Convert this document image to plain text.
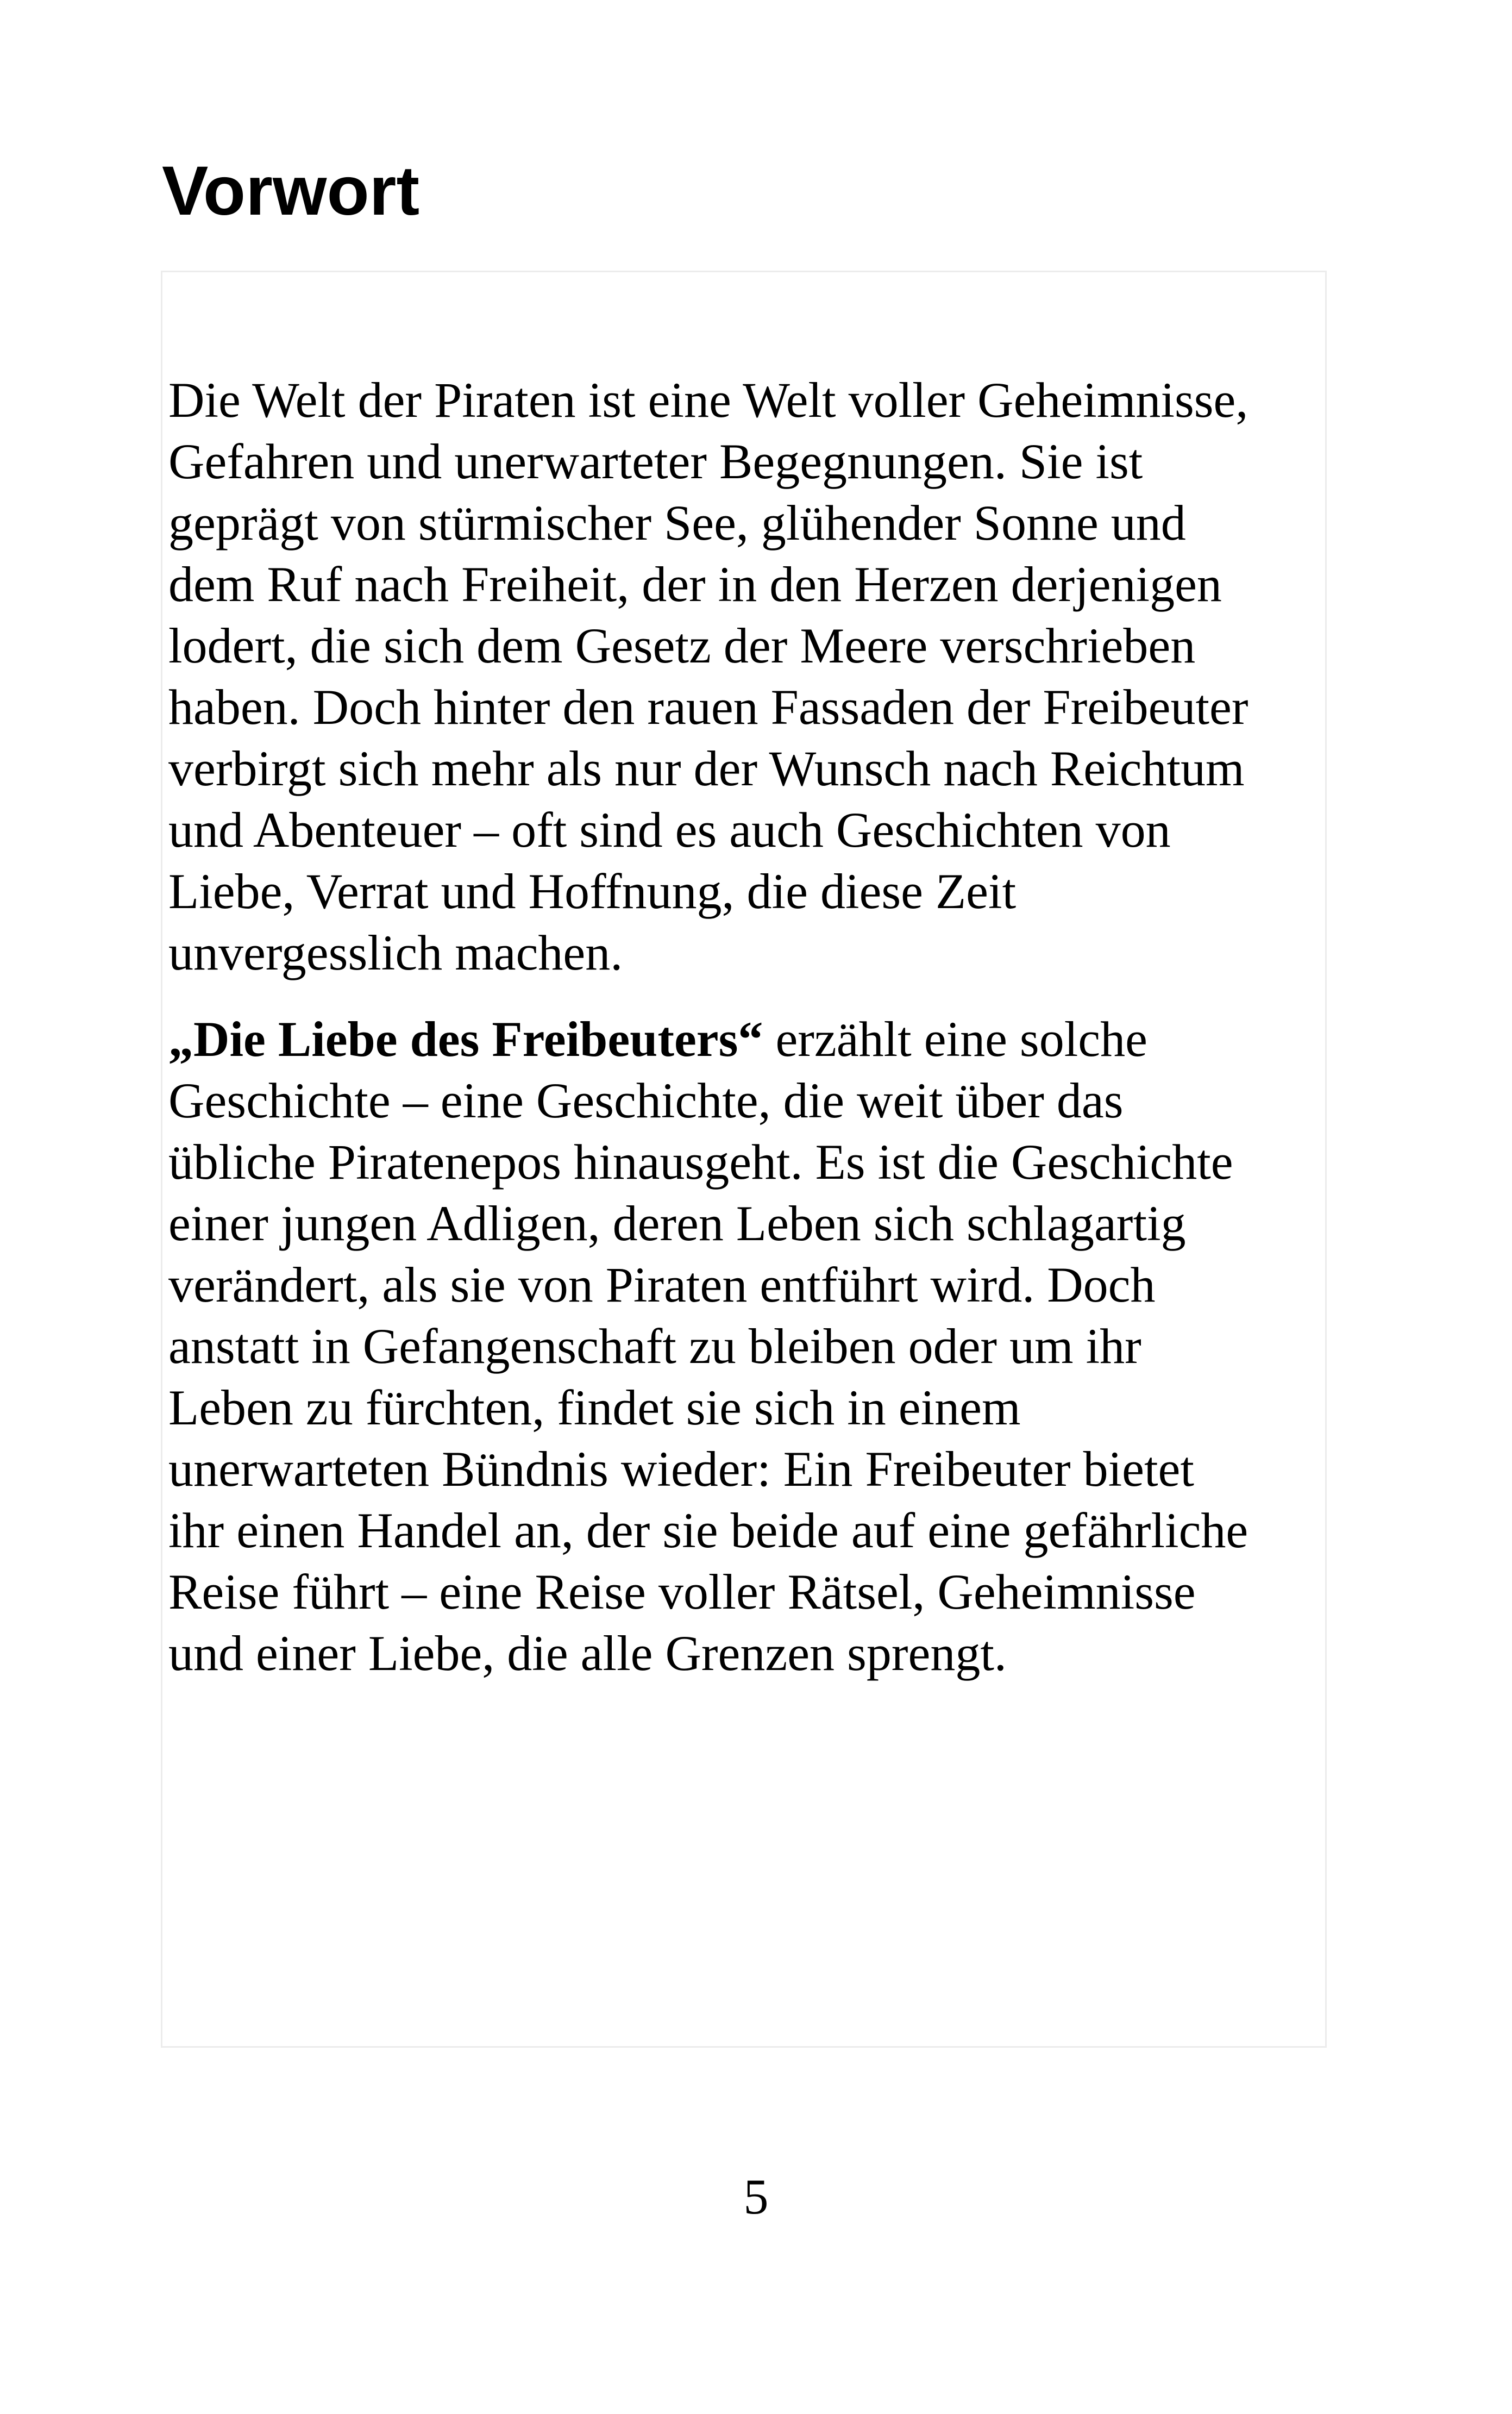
Vorwort

Die Welt der Piraten ist eine Welt voller Geheimnisse,
Gefahren und unerwarteter Begegnungen. Sie ist
geprägt von stürmischer See, glühender Sonne und
dem Ruf nach Freiheit, der in den Herzen derjenigen
lodert, die sich dem Gesetz der Meere verschrieben
haben. Doch hinter den rauen Fassaden der Freibeuter
verbirgt sich mehr als nur der Wunsch nach Reichtum
und Abenteuer – oft sind es auch Geschichten von
Liebe, Verrat und Hoffnung, die diese Zeit
unvergesslich machen.

„Die Liebe des Freibeuters“ erzählt eine solche
Geschichte – eine Geschichte, die weit über das
übliche Piratenepos hinausgeht. Es ist die Geschichte
einer jungen Adligen, deren Leben sich schlagartig
verändert, als sie von Piraten entführt wird. Doch
anstatt in Gefangenschaft zu bleiben oder um ihr
Leben zu fürchten, findet sie sich in einem
unerwarteten Bündnis wieder: Ein Freibeuter bietet
ihr einen Handel an, der sie beide auf eine gefährliche
Reise führt – eine Reise voller Rätsel, Geheimnisse
und einer Liebe, die alle Grenzen sprengt.

5
